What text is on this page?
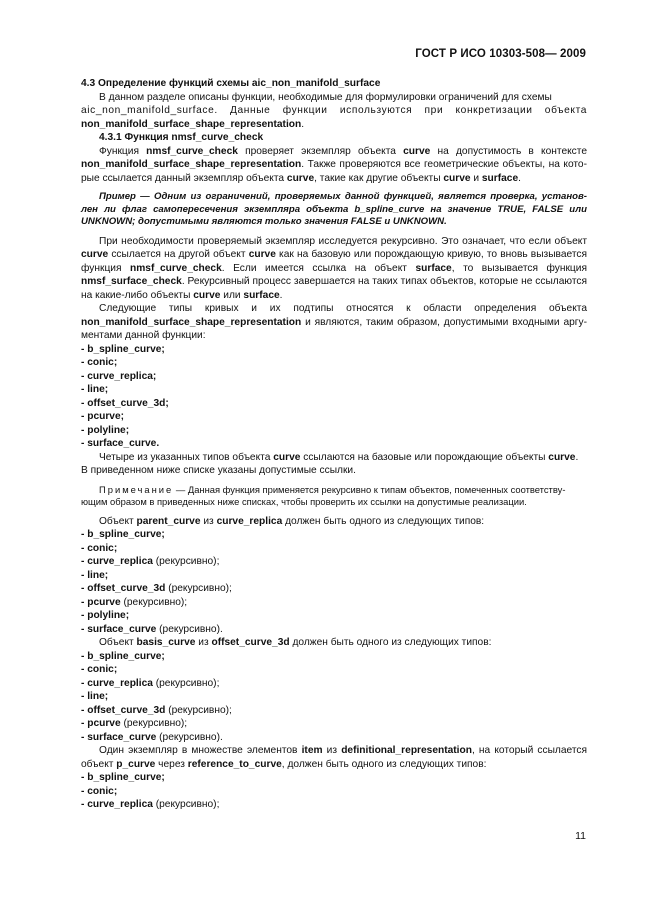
ГОСТ Р ИСО 10303-508— 2009

4.3 Определение функций схемы aic_non_manifold_surface

В данном разделе описаны функции, необходимые для формулировки ограничений для схемы

aic_non_manifold_surface. Данные функции используются при конкретизации объекта

non_manifold_surface_shape_representation.

4.3.1 Функция nmsf_curve_check

Функция nmsf_curve_check проверяет экземпляр объекта curve на допустимость в контексте

non_manifold_surface_shape_representation. Также проверяются все геометрические объекты, на кото-

рые ссылается данный экземпляр объекта curve, такие как другие объекты curve и surface.

Пример — Одним из ограничений, проверяемых данной функцией, является проверка, установ-лен ли флаг самопересечения экземпляра объекта b_spline_curve на значение TRUE, FALSE или UNKNOWN; допустимыми являются только значения FALSE и UNKNOWN.

При необходимости проверяемый экземпляр исследуется рекурсивно. Это означает, что если объект

curve ссылается на другой объект curve как на базовую или порождающую кривую, то вновь вызывается

функция nmsf_curve_check. Если имеется ссылка на объект surface, то вызывается функция

nmsf_surface_check. Рекурсивный процесс завершается на таких типах объектов, которые не ссылаются

на какие-либо объекты curve или surface.

Следующие типы кривых и их подтипы относятся к области определения объекта

non_manifold_surface_shape_representation и являются, таким образом, допустимыми входными аргу-

ментами данной функции:

- b_spline_curve;

- conic;

- curve_replica;

- line;

- offset_curve_3d;

- pcurve;

- polyline;

- surface_curve.

Четыре из указанных типов объекта curve ссылаются на базовые или порождающие объекты curve.

В приведенном ниже списке указаны допустимые ссылки.

Примечание — Данная функция применяется рекурсивно к типам объектов, помеченных соответству-
ющим образом в приведенных ниже списках, чтобы проверить их ссылки на допустимые реализации.

Объект parent_curve из curve_replica должен быть одного из следующих типов:

- b_spline_curve;

- conic;

- curve_replica (рекурсивно);

- line;

- offset_curve_3d (рекурсивно);

- pcurve (рекурсивно);

- polyline;

- surface_curve (рекурсивно).

Объект basis_curve из offset_curve_3d должен быть одного из следующих типов:

- b_spline_curve;

- conic;

- curve_replica (рекурсивно);

- line;

- offset_curve_3d (рекурсивно);

- pcurve (рекурсивно);

- surface_curve (рекурсивно).

Один экземпляр в множестве элементов item из definitional_representation, на который ссылается

объект p_curve через reference_to_curve, должен быть одного из следующих типов:

- b_spline_curve;

- conic;

- curve_replica (рекурсивно);

11
